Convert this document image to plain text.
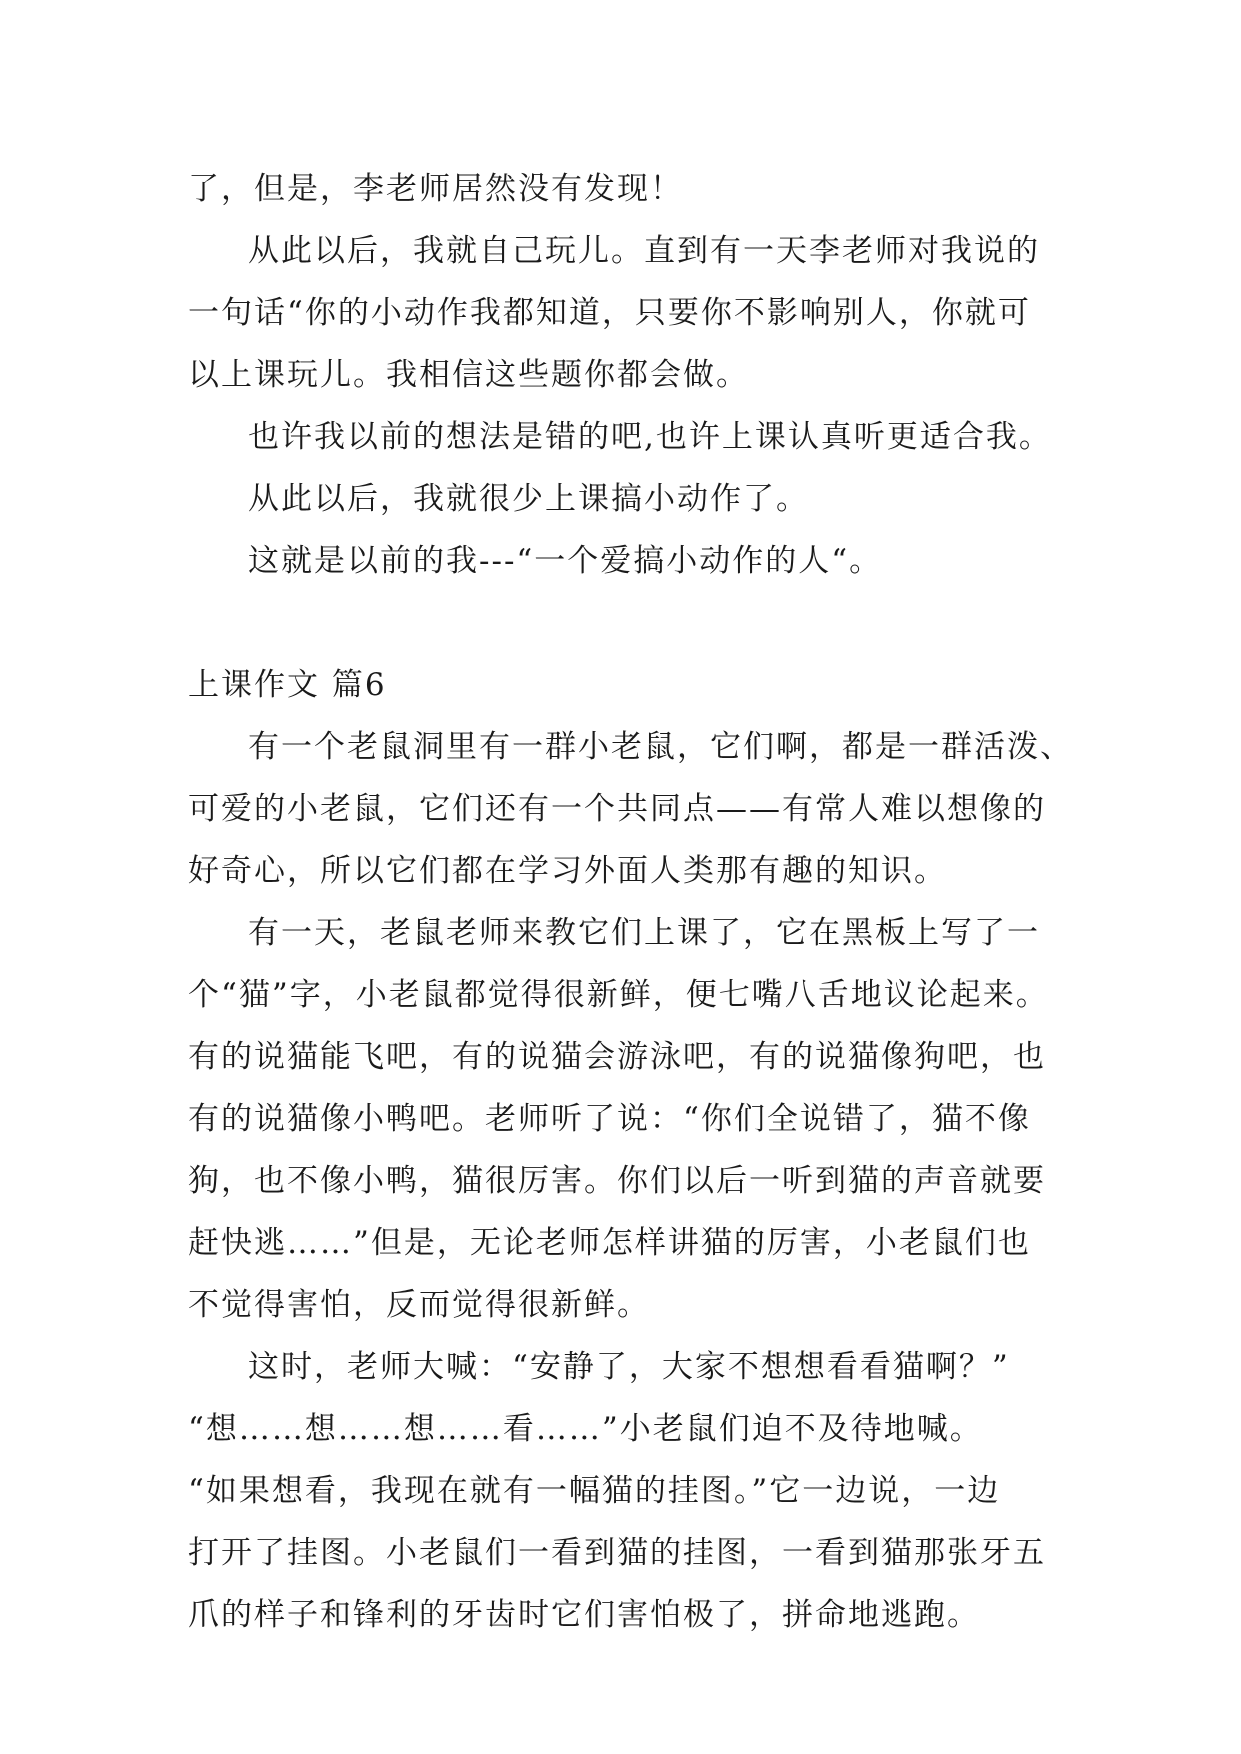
了，但是，李老师居然没有发现！

从此以后，我就自己玩儿。直到有一天李老师对我说的
一句话“你的小动作我都知道，只要你不影响别人，你就可
以上课玩儿。我相信这些题你都会做。

也许我以前的想法是错的吧,也许上课认真听更适合我。

从此以后，我就很少上课搞小动作了。

这就是以前的我---“一个爱搞小动作的人“。

上课作文 篇6

有一个老鼠洞里有一群小老鼠，它们啊，都是一群活泼、
可爱的小老鼠，它们还有一个共同点——有常人难以想像的
好奇心，所以它们都在学习外面人类那有趣的知识。

有一天，老鼠老师来教它们上课了，它在黑板上写了一
个“猫”字，小老鼠都觉得很新鲜，便七嘴八舌地议论起来。
有的说猫能飞吧，有的说猫会游泳吧，有的说猫像狗吧，也
有的说猫像小鸭吧。老师听了说：“你们全说错了，猫不像
狗，也不像小鸭，猫很厉害。你们以后一听到猫的声音就要
赶快逃……”但是，无论老师怎样讲猫的厉害，小老鼠们也
不觉得害怕，反而觉得很新鲜。

这时，老师大喊：“安静了，大家不想想看看猫啊？”
“想……想……想……看……”小老鼠们迫不及待地喊。
“如果想看，我现在就有一幅猫的挂图。”它一边说，一边
打开了挂图。小老鼠们一看到猫的挂图，一看到猫那张牙五
爪的样子和锋利的牙齿时它们害怕极了，拼命地逃跑。
